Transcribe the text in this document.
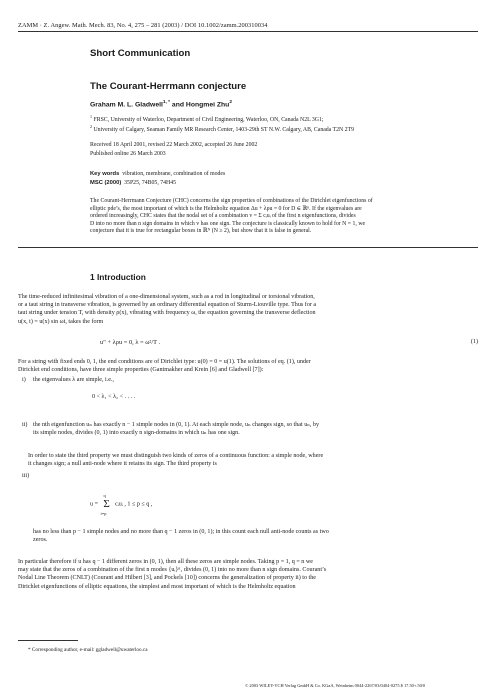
ZAMM · Z. Angew. Math. Mech. 83, No. 4, 275 – 281 (2003) / DOI 10.1002/zamm.200310034
Short Communication
The Courant-Herrmann conjecture
Graham M. L. Gladwell$^{1, *}$ and Hongmei Zhu$^2$
$^1$ FRSC, University of Waterloo, Department of Civil Engineering, Waterloo, ON, Canada N2L 3G1;
$^2$ University of Calgary, Seaman Family MR Research Center, 1403-29th ST N.W. Calgary, AB, Canada T2N 2T9
Received 18 April 2001, revised 22 March 2002, accepted 26 June 2002
Published online 26 March 2003
Key words vibration, membrane, combination of modes
MSC (2000) 35P25, 74B05, 74H45
The Courant-Herrmann Conjecture (CHC) concerns the sign properties of combinations of the Dirichlet eigenfunctions of
elliptic pde’s, the most important of which is the Helmholtz equation Δu + λρu = 0 for D ∈ ℝⁿ. If the eigenvalues are
ordered increasingly, CHC states that the nodal set of a combination v = Σ cᵢuᵢ of the first n eigenfunctions, divides
D into no more than n sign domains in which v has one sign. The conjecture is classically known to hold for N = 1, we
conjecture that it is true for rectangular boxes in ℝᴺ (N ≥ 2), but show that it is false in general.
1 Introduction
The time-reduced infinitesimal vibration of a one-dimensional system, such as a rod in longitudinal or torsional vibration,
or a taut string in transverse vibration, is governed by an ordinary differential equation of Sturm-Liouville type. Thus for a
taut string under tension T, with density ρ(x), vibrating with frequency ω, the equation governing the transverse deflection
u(x, t) = u(x) sin ωt, takes the form
u″ + λρu = 0, λ = ω²/T .	(1)
For a string with fixed ends 0, 1, the end conditions are of Dirichlet type: u(0) = 0 = u(1). The solutions of eq. (1), under
Dirichlet end conditions, have three simple properties (Gantmakher and Krein [6] and Gladwell [7]):
i) the eigenvalues λ are simple, i.e.,
0 < λ₁ < λ₂ < . . . .
ii) the nth eigenfunction uₙ has exactly n − 1 simple nodes in (0, 1). At each simple node, uₙ changes sign, so that uₙ, by
its simple nodes, divides (0, 1) into exactly n sign-domains in which uₙ has one sign.
In order to state the third property we must distinguish two kinds of zeros of a continuous function: a simple node, where
it changes sign; a null anti-node where it retains its sign. The third property is
iii)
u =
q
Σ
i=p
cᵢuᵢ , 1 ≤ p ≤ q ,
has no less than p − 1 simple nodes and no more than q − 1 zeros in (0, 1); in this count each null anti-node counts as two
zeros.
In particular therefore if u has q − 1 different zeros in (0, 1), then all these zeros are simple nodes. Taking p = 1, q = n we
may state that the zeros of a combination of the first n modes {uᵢ}ⁿ₁ divides (0, 1) into no more than n sign domains. Courant’s
Nodal Line Theorem (CNLT) (Courant and Hilbert [3], and Pockels [10]) concerns the generalization of property ii) to the
Dirichlet eigenfunctions of elliptic equations, the simplest and most important of which is the Helmholtz equation
* Corresponding author, e-mail: ggladwell@uwaterloo.ca
© 2003 WILEY-VCH Verlag GmbH & Co. KGaA, Weinheim 0044-2267/03/0404-0275 $ 17.50+.50/0
